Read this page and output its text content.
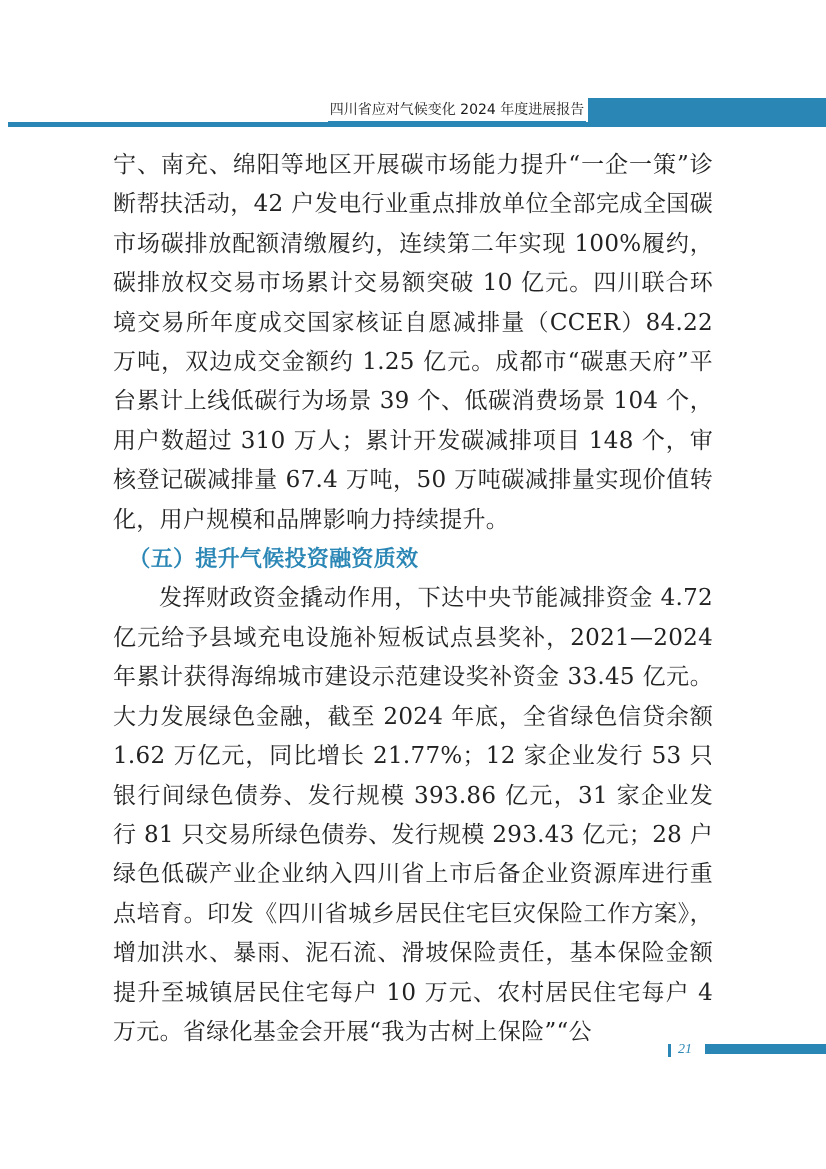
四川省应对气候变化 2024 年度进展报告

宁、南充、绵阳等地区开展碳市场能力提升“一企一策”诊断帮扶活动，42 户发电行业重点排放单位全部完成全国碳市场碳排放配额清缴履约，连续第二年实现 100%履约，碳排放权交易市场累计交易额突破 10 亿元。四川联合环境交易所年度成交国家核证自愿减排量（CCER）84.22 万吨，双边成交金额约 1.25 亿元。成都市“碳惠天府”平台累计上线低碳行为场景 39 个、低碳消费场景 104 个，用户数超过 310 万人；累计开发碳减排项目 148 个，审核登记碳减排量 67.4 万吨，50 万吨碳减排量实现价值转化，用户规模和品牌影响力持续提升。

（五）提升气候投资融资质效

发挥财政资金撬动作用，下达中央节能减排资金 4.72 亿元给予县域充电设施补短板试点县奖补，2021—2024 年累计获得海绵城市建设示范建设奖补资金 33.45 亿元。大力发展绿色金融，截至 2024 年底，全省绿色信贷余额 1.62 万亿元，同比增长 21.77%；12 家企业发行 53 只银行间绿色债券、发行规模 393.86 亿元，31 家企业发行 81 只交易所绿色债券、发行规模 293.43 亿元；28 户绿色低碳产业企业纳入四川省上市后备企业资源库进行重点培育。印发《四川省城乡居民住宅巨灾保险工作方案》，增加洪水、暴雨、泥石流、滑坡保险责任，基本保险金额提升至城镇居民住宅每户 10 万元、农村居民住宅每户 4 万元。省绿化基金会开展“我为古树上保险”“公

21
